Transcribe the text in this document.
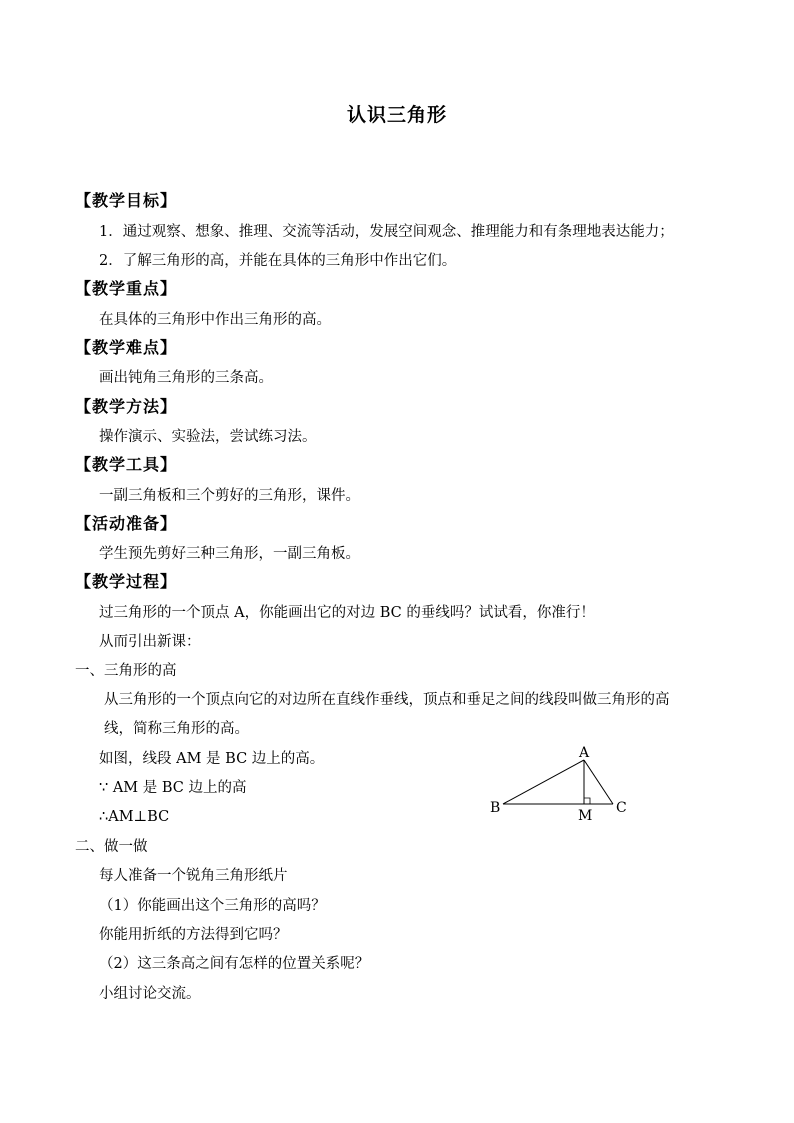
认识三角形
【教学目标】
1．通过观察、想象、推理、交流等活动，发展空间观念、推理能力和有条理地表达能力；
2．了解三角形的高，并能在具体的三角形中作出它们。
【教学重点】
在具体的三角形中作出三角形的高。
【教学难点】
画出钝角三角形的三条高。
【教学方法】
操作演示、实验法，尝试练习法。
【教学工具】
一副三角板和三个剪好的三角形，课件。
【活动准备】
学生预先剪好三种三角形，一副三角板。
【教学过程】
过三角形的一个顶点 A，你能画出它的对边 BC 的垂线吗？试试看，你准行！
从而引出新课：
一、三角形的高
从三角形的一个顶点向它的对边所在直线作垂线，顶点和垂足之间的线段叫做三角形的高
线，简称三角形的高。
如图，线段 AM 是 BC 边上的高。
∵ AM 是 BC 边上的高
∴AM⊥BC
A
B	C
M
二、做一做
每人准备一个锐角三角形纸片
（1）你能画出这个三角形的高吗？
你能用折纸的方法得到它吗？
（2）这三条高之间有怎样的位置关系呢？
小组讨论交流。
